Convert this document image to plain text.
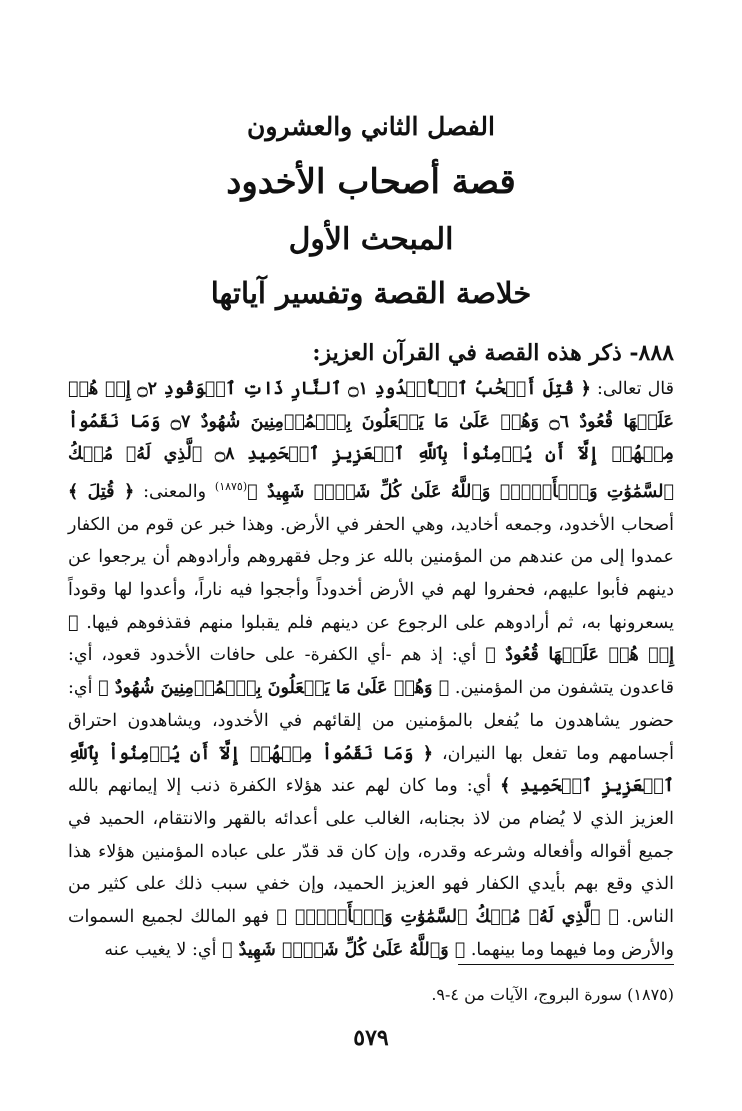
الفصل الثاني والعشرون
قصة أصحاب الأخدود
المبحث الأول
خلاصة القصة وتفسير آياتها
٨٨٨- ذكر هذه القصة في القرآن العزيز:
قال تعالى: ﴿ قُتِلَ أَصۡحَٰبُ ٱلۡأُخۡدُودِ ۝١ ٱلنَّارِ ذَاتِ ٱلۡوَقُودِ ۝٢ إِذۡ هُمۡ عَلَيۡهَا قُعُودٌ ۝٦ وَهُمۡ عَلَىٰ مَا يَفۡعَلُونَ بِٱلۡمُؤۡمِنِينَ شُهُودٌ ۝٧ وَمَا نَقَمُواْ مِنۡهُمۡ إِلَّآ أَن يُؤۡمِنُواْ بِٱللَّهِ ٱلۡعَزِيزِ ٱلۡحَمِيدِ ۝٨ ٱلَّذِي لَهُۥ مُلۡكُ ٱلسَّمَٰوَٰتِ وَٱلۡأَرۡضِۚ وَٱللَّهُ عَلَىٰ كُلِّ شَيۡءٖ شَهِيدٌ ﴾$^{(١٨٧٥)}$ والمعنى: ﴿ قُتِلَ ﴾ أصحاب الأخدود، وجمعه أخاديد، وهي الحفر في الأرض. وهذا خبر عن قوم من الكفار عمدوا إلى من عندهم من المؤمنين بالله عز وجل فقهروهم وأرادوهم أن يرجعوا عن دينهم فأبوا عليهم، فحفروا لهم في الأرض أخدوداً وأججوا فيه ناراً، وأعدوا لها وقوداً يسعرونها به، ثم أرادوهم على الرجوع عن دينهم فلم يقبلوا منهم فقذفوهم فيها. ﴿ إِذۡ هُمۡ عَلَيۡهَا قُعُودٌ ﴾ أي: إذ هم -أي الكفرة- على حافات الأخدود قعود، أي: قاعدون يتشفون من المؤمنين. ﴿ وَهُمۡ عَلَىٰ مَا يَفۡعَلُونَ بِٱلۡمُؤۡمِنِينَ شُهُودٌ ﴾ أي: حضور يشاهدون ما يُفعل بالمؤمنين من إلقائهم في الأخدود، ويشاهدون احتراق أجسامهم وما تفعل بها النيران، ﴿ وَمَا نَقَمُواْ مِنۡهُمۡ إِلَّآ أَن يُؤۡمِنُواْ بِٱللَّهِ ٱلۡعَزِيزِ ٱلۡحَمِيدِ ﴾ أي: وما كان لهم عند هؤلاء الكفرة ذنب إلا إيمانهم بالله العزيز الذي لا يُضام من لاذ بجنابه، الغالب على أعدائه بالقهر والانتقام، الحميد في جميع أقواله وأفعاله وشرعه وقدره، وإن كان قد قدّر على عباده المؤمنين هؤلاء هذا الذي وقع بهم بأيدي الكفار فهو العزيز الحميد، وإن خفي سبب ذلك على كثير من الناس. ﴿ ٱلَّذِي لَهُۥ مُلۡكُ ٱلسَّمَٰوَٰتِ وَٱلۡأَرۡضِۚ ﴾ فهو المالك لجميع السموات والأرض وما فيهما وما بينهما. ﴿ وَٱللَّهُ عَلَىٰ كُلِّ شَيۡءٖ شَهِيدٌ ﴾ أي: لا يغيب عنه
(١٨٧٥) سورة البروج، الآيات من ٤-٩.
٥٧٩
